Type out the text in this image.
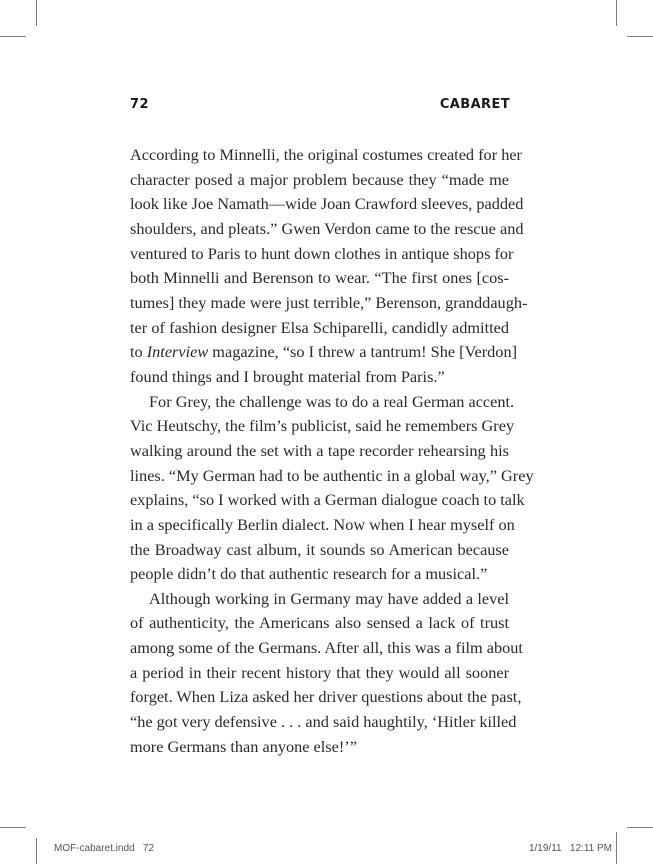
72	CABARET
According to Minnelli, the original costumes created for her
character posed a major problem because they “made me
look like Joe Namath—wide Joan Crawford sleeves, padded
shoulders, and pleats.” Gwen Verdon came to the rescue and
ventured to Paris to hunt down clothes in antique shops for
both Minnelli and Berenson to wear. “The first ones [cos-
tumes] they made were just terrible,” Berenson, granddaugh-
ter of fashion designer Elsa Schiparelli, candidly admitted
to Interview magazine, “so I threw a tantrum! She [Verdon]
found things and I brought material from Paris.”
For Grey, the challenge was to do a real German accent.
Vic Heutschy, the film’s publicist, said he remembers Grey
walking around the set with a tape recorder rehearsing his
lines. “My German had to be authentic in a global way,” Grey
explains, “so I worked with a German dialogue coach to talk
in a specifically Berlin dialect. Now when I hear myself on
the Broadway cast album, it sounds so American because
people didn’t do that authentic research for a musical.”
Although working in Germany may have added a level
of authenticity, the Americans also sensed a lack of trust
among some of the Germans. After all, this was a film about
a period in their recent history that they would all sooner
forget. When Liza asked her driver questions about the past,
“he got very defensive . . . and said haughtily, ‘Hitler killed
more Germans than anyone else!’”
MOF-cabaret.indd   72	1/19/11   12:11 PM
